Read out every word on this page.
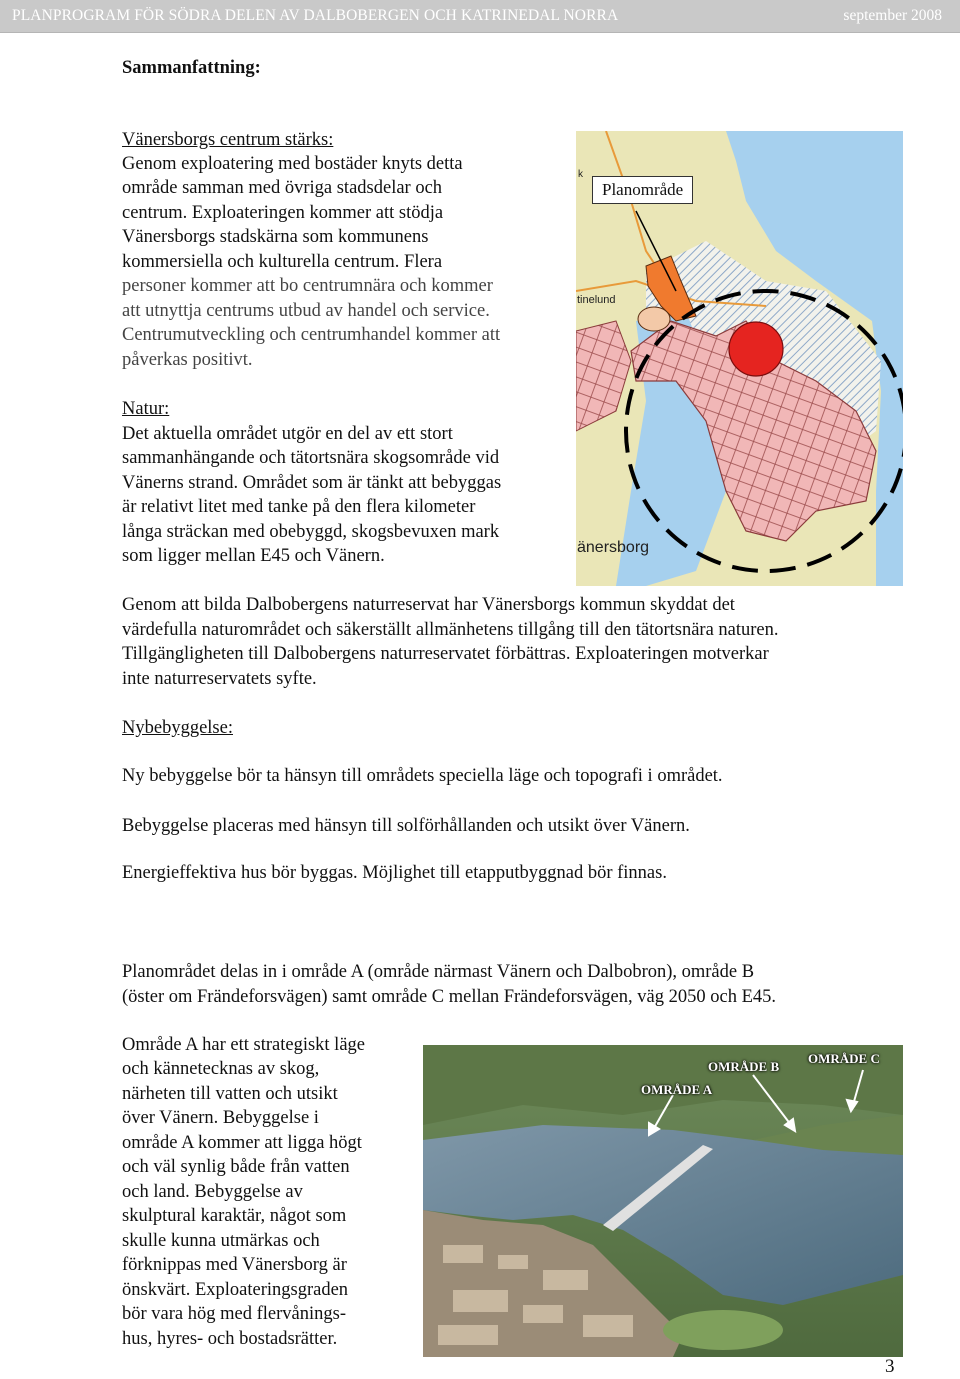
PLANPROGRAM FÖR SÖDRA DELEN AV DALBOBERGEN OCH KATRINEDAL NORRA	september 2008

Sammanfattning:

Vänersborgs centrum stärks:

Genom exploatering med bostäder knyts detta

område samman med övriga stadsdelar och

centrum. Exploateringen kommer att stödja

Vänersborgs stadskärna som kommunens

kommersiella och kulturella centrum. Flera

personer kommer att bo centrumnära och kommer

att utnyttja centrums utbud av handel och service.

Centrumutveckling och centrumhandel kommer att

påverkas positivt.

Natur:

Det aktuella området utgör en del av ett stort

sammanhängande och tätortsnära skogsområde vid

Vänerns strand. Området som är tänkt att bebyggas

är relativt litet med tanke på den flera kilometer

långa sträckan med obebyggd, skogsbevuxen mark

som ligger mellan E45 och Vänern.

Planområde
tinelund
änersborg
k

Genom att bilda Dalbobergens naturreservat har Vänersborgs kommun skyddat det

värdefulla naturområdet och säkerställt allmänhetens tillgång till den tätortsnära naturen.

Tillgängligheten till Dalbobergens naturreservatet förbättras. Exploateringen motverkar

inte naturreservatets syfte.

Nybebyggelse:

Ny bebyggelse bör ta hänsyn till områdets speciella läge och topografi i området.

Bebyggelse placeras med hänsyn till solförhållanden och utsikt över Vänern.

Energieffektiva hus bör byggas. Möjlighet till etapputbyggnad bör finnas.

Planområdet delas in i område A (område närmast Vänern och Dalbobron), område B

(öster om Frändeforsvägen) samt område C mellan Frändeforsvägen, väg 2050 och E45.

Område A har ett strategiskt läge

och kännetecknas av skog,

närheten till vatten och utsikt

över Vänern. Bebyggelse i

område A kommer att ligga högt

och väl synlig både från vatten

och land. Bebyggelse av

skulptural karaktär, något som

skulle kunna utmärkas och

förknippas med Vänersborg är

önskvärt. Exploateringsgraden

bör vara hög med flervånings-

hus, hyres- och bostadsrätter.

OMRÅDE A
OMRÅDE B
OMRÅDE C
3
